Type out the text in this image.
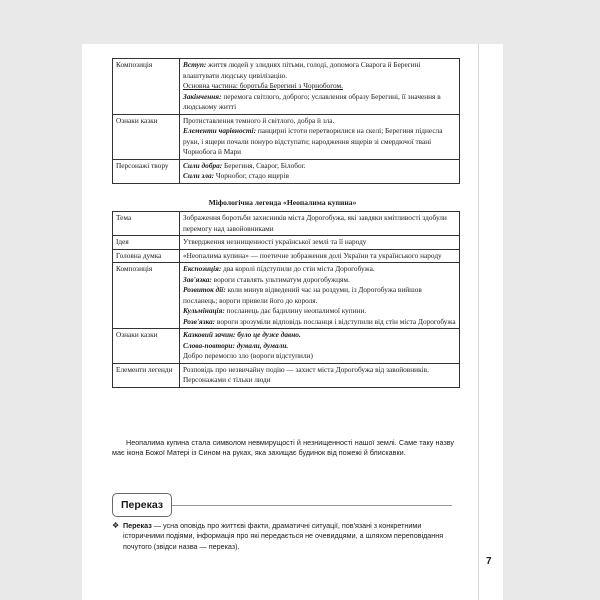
Композиція	Вступ: життя людей у злиднях пітьми, голоді, допомога Сварога й Берегині влаштувати людську цивілізацію.
Основна частина: боротьба Берегині з Чорнобогом.
Закінчення: перемога світлого, доброго; уславлення образу Берегині, її значення в людському житті

Ознаки казки	Протиставлення темного й світлого, добра й зла.
Елементи чарівності: панцирні істоти перетворилися на скелі; Берегиня піднесла руки, і ящери почали понуро відступати; народження ящерів зі смердючої твані Чорнобога й Мари

Персонажі твору	Сили добра: Берегиня, Сварог, Білобог.
Сили зла: Чорнобог, стадо ящерів
Міфологічна легенда «Неопалима купина»
Тема	Зображення боротьби захисників міста Дорогобужа, які завдяки кмітливості здобули перемогу над завойовниками
Ідея	Утвердження незнищенності української землі та її народу
Головна думка	«Неопалима купина» — поетичне зображення долі України та українського народу
Композиція	Експозиція: два королі підступили до стін міста Дорогобужа.
Зав'язка: вороги ставлять ультиматум дорогобужцям.
Розвиток дії: коли минув відведений час на роздуми, із Дорогобужа вийшов посланець; вороги привели його до короля.
Кульмінація: посланець дає бадилину неопалимої купини.
Розв'язка: вороги зрозуміли відповідь посланця і відступили від стін міста Дорогобужа

Ознаки казки	Казковий зачин: було це дуже давно.
Слова-повтори: думали, думали.
Добро перемогло зло (вороги відступили)

Елементи легенди	Розповідь про незвичайну подію — захист міста Дорогобужа від завойовників.
Персонажами є тільки люди

Неопалима купина стала символом невмирущості й незнищенності нашої землі. Саме таку назву має ікона Божої Матері із Сином на руках, яка захищає будинок від пожежі й блискавки.

Переказ
❖ Переказ — усна оповідь про життєві факти, драматичні ситуації, пов'язані з конкретними історичними подіями, інформація про які передається не очевидцями, а шляхом переповідання почутого (звідси назва — переказ).
7
